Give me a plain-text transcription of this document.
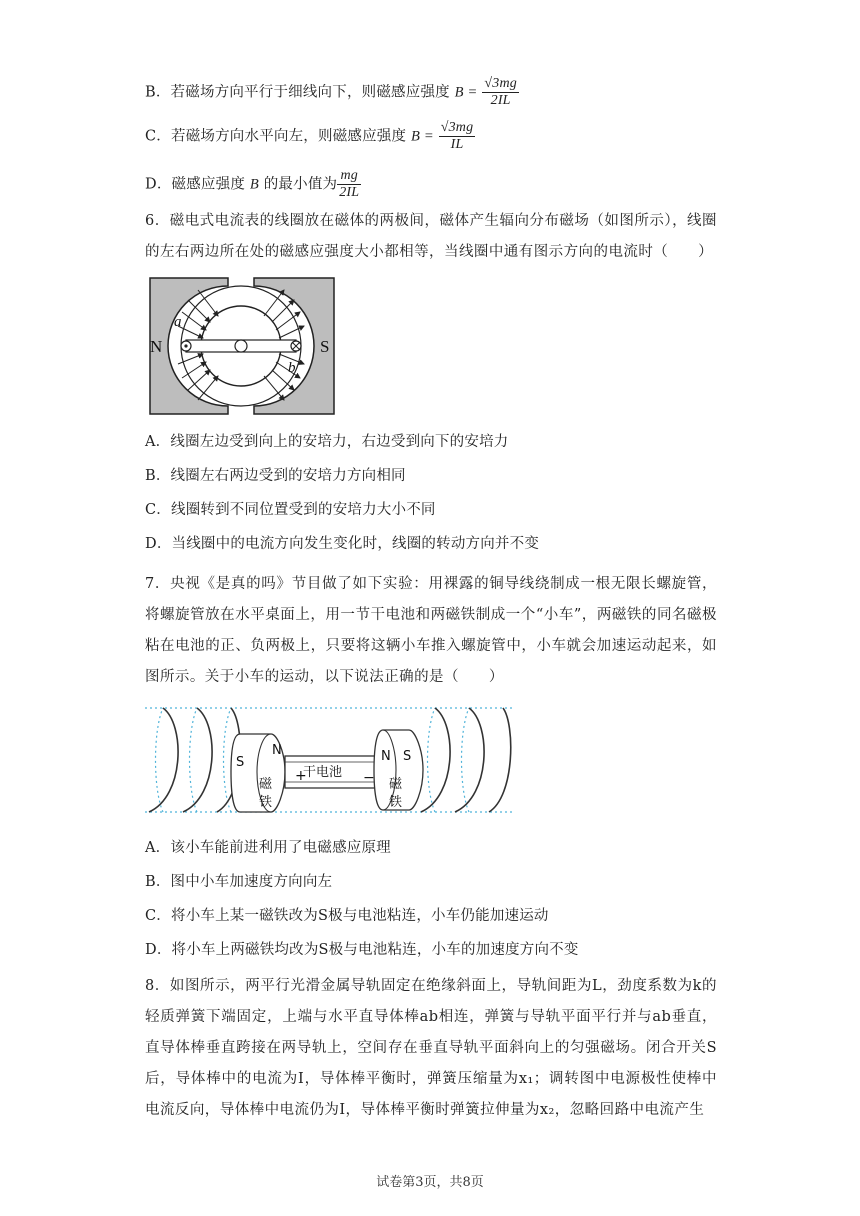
B．若磁场方向平行于细线向下，则磁感应强度 $B = \frac{√3mg}{2IL}$
C．若磁场方向水平向左，则磁感应强度 $B = \frac{√3mg}{IL}$
D．磁感应强度 B 的最小值为 $\frac{mg}{2IL}$
6．磁电式电流表的线圈放在磁体的两极间，磁体产生辐向分布磁场（如图所示），线圈的左右两边所在处的磁感应强度大小都相等，当线圈中通有图示方向的电流时（　　）
N	S
a
b
A．线圈左边受到向上的安培力，右边受到向下的安培力
B．线圈左右两边受到的安培力方向相同
C．线圈转到不同位置受到的安培力大小不同
D．当线圈中的电流方向发生变化时，线圈的转动方向并不变
7．央视《是真的吗》节目做了如下实验：用裸露的铜导线绕制成一根无限长螺旋管，将螺旋管放在水平桌面上，用一节干电池和两磁铁制成一个“小车”，两磁铁的同名磁极粘在电池的正、负两极上，只要将这辆小车推入螺旋管中，小车就会加速运动起来，如图所示。关于小车的运动，以下说法正确的是（　　）
S
N
磁
铁
干电池
+	−
N S
磁
铁
A．该小车能前进利用了电磁感应原理
B．图中小车加速度方向向左
C．将小车上某一磁铁改为S极与电池粘连，小车仍能加速运动
D．将小车上两磁铁均改为S极与电池粘连，小车的加速度方向不变
8．如图所示，两平行光滑金属导轨固定在绝缘斜面上，导轨间距为L，劲度系数为k的轻质弹簧下端固定，上端与水平直导体棒ab相连，弹簧与导轨平面平行并与ab垂直，直导体棒垂直跨接在两导轨上，空间存在垂直导轨平面斜向上的匀强磁场。闭合开关S后，导体棒中的电流为I，导体棒平衡时，弹簧压缩量为x₁；调转图中电源极性使棒中电流反向，导体棒中电流仍为I，导体棒平衡时弹簧拉伸量为x₂，忽略回路中电流产生
试卷第3页，共8页
